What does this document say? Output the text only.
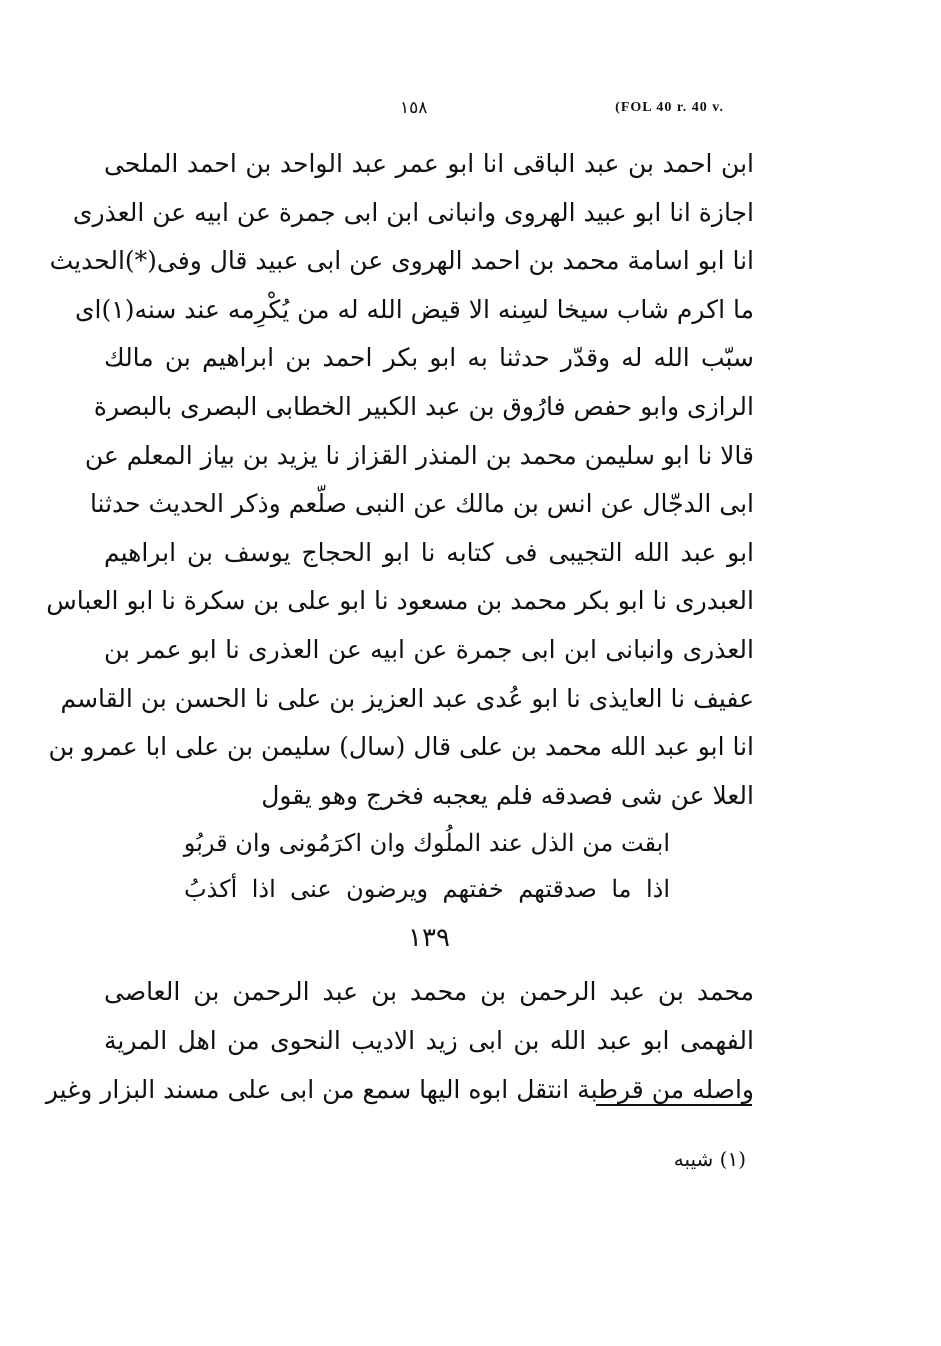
١٥٨	(FOL 40 r. 40 v.
ابن احمد بن عبد الباقى انا ابو عمر عبد الواحد بن احمد الملحى
اجازة انا ابو عبيد الهروى وانبانى ابن ابى جمرة عن ابيه عن العذرى
انا ابو اسامة محمد بن احمد الهروى عن ابى عبيد قال وفى(*)الحديث
ما اكرم شاب سيخا لسِنه الا قيض الله له من يُكْرِمه عند سنه(١)اى
سبّب الله له وقدّر حدثنا به ابو بكر احمد بن ابراهيم بن مالك
الرازى وابو حفص فارُوق بن عبد الكبير الخطابى البصرى بالبصرة
قالا نا ابو سليمن محمد بن المنذر القزاز نا يزيد بن بياز المعلم عن
ابى الدجّال عن انس بن مالك عن النبى صلّعم وذكر الحديث حدثنا
ابو عبد الله التجيبى فى كتابه نا ابو الحجاج يوسف بن ابراهيم
العبدرى نا ابو بكر محمد بن مسعود نا ابو على بن سكرة نا ابو العباس
العذرى وانبانى ابن ابى جمرة عن ابيه عن العذرى نا ابو عمر بن
عفيف نا العايذى نا ابو عُدى عبد العزيز بن على نا الحسن بن القاسم
انا ابو عبد الله محمد بن على قال (سال) سليمن بن على ابا عمرو بن
العلا عن شى فصدقه فلم يعجبه فخرج وهو يقول
ابقت من الذل عند الملُوك وان اكرَمُونى وان قربُو
اذا ما صدقتهم خفتهم ويرضون عنى اذا أكذبُ
١٣٩
محمد بن عبد الرحمن بن محمد بن عبد الرحمن بن العاصى
الفهمى ابو عبد الله بن ابى زيد الاديب النحوى من اهل المرية
واصله من قرطبة انتقل ابوه اليها سمع من ابى على مسند البزار وغير
(١) شيبه
